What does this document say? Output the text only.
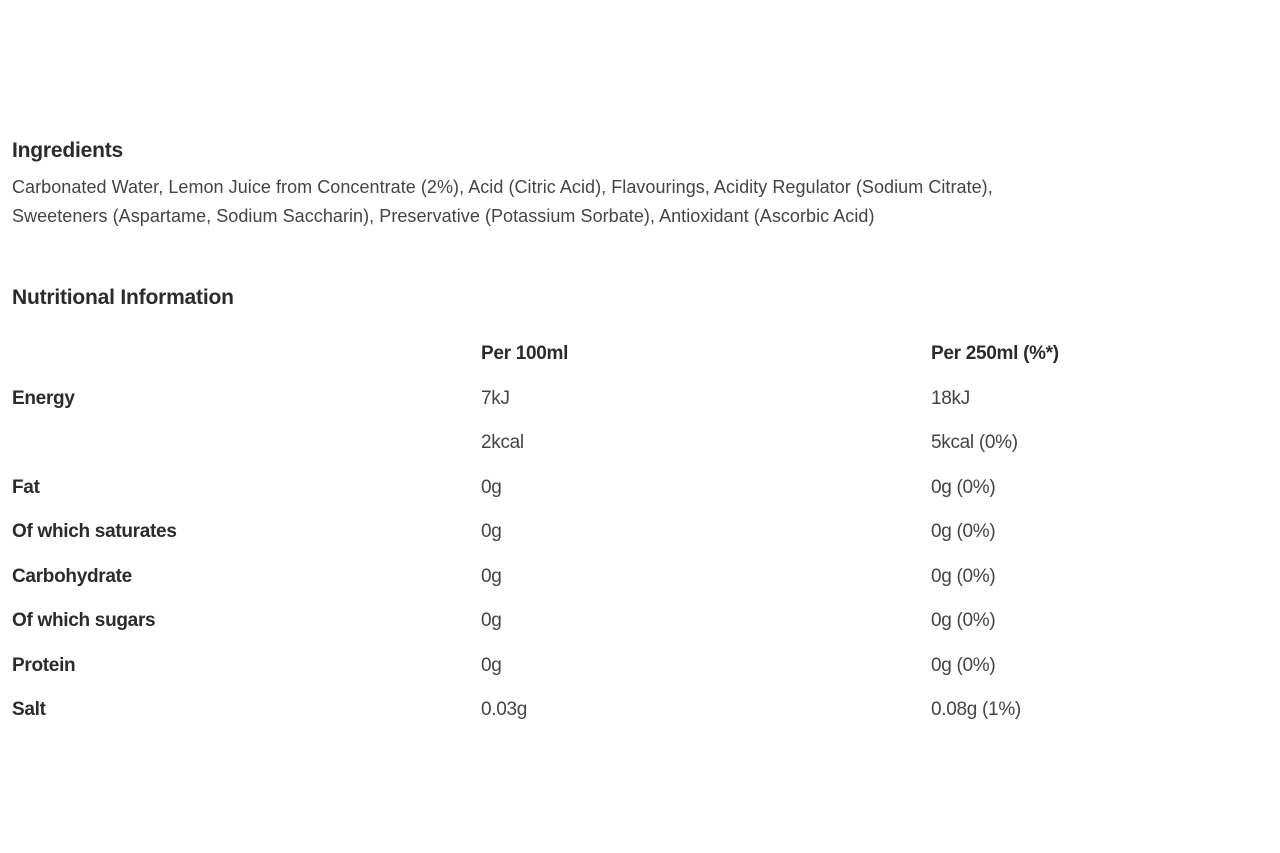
Ingredients

Carbonated Water, Lemon Juice from Concentrate (2%), Acid (Citric Acid), Flavourings, Acidity Regulator (Sodium Citrate),
Sweeteners (Aspartame, Sodium Saccharin), Preservative (Potassium Sorbate), Antioxidant (Ascorbic Acid)

Nutritional Information
	Per 100ml	Per 250ml (%*)
Energy	7kJ	18kJ
	2kcal	5kcal (0%)
Fat	0g	0g (0%)
Of which saturates	0g	0g (0%)
Carbohydrate	0g	0g (0%)
Of which sugars	0g	0g (0%)
Protein	0g	0g (0%)
Salt	0.03g	0.08g (1%)
